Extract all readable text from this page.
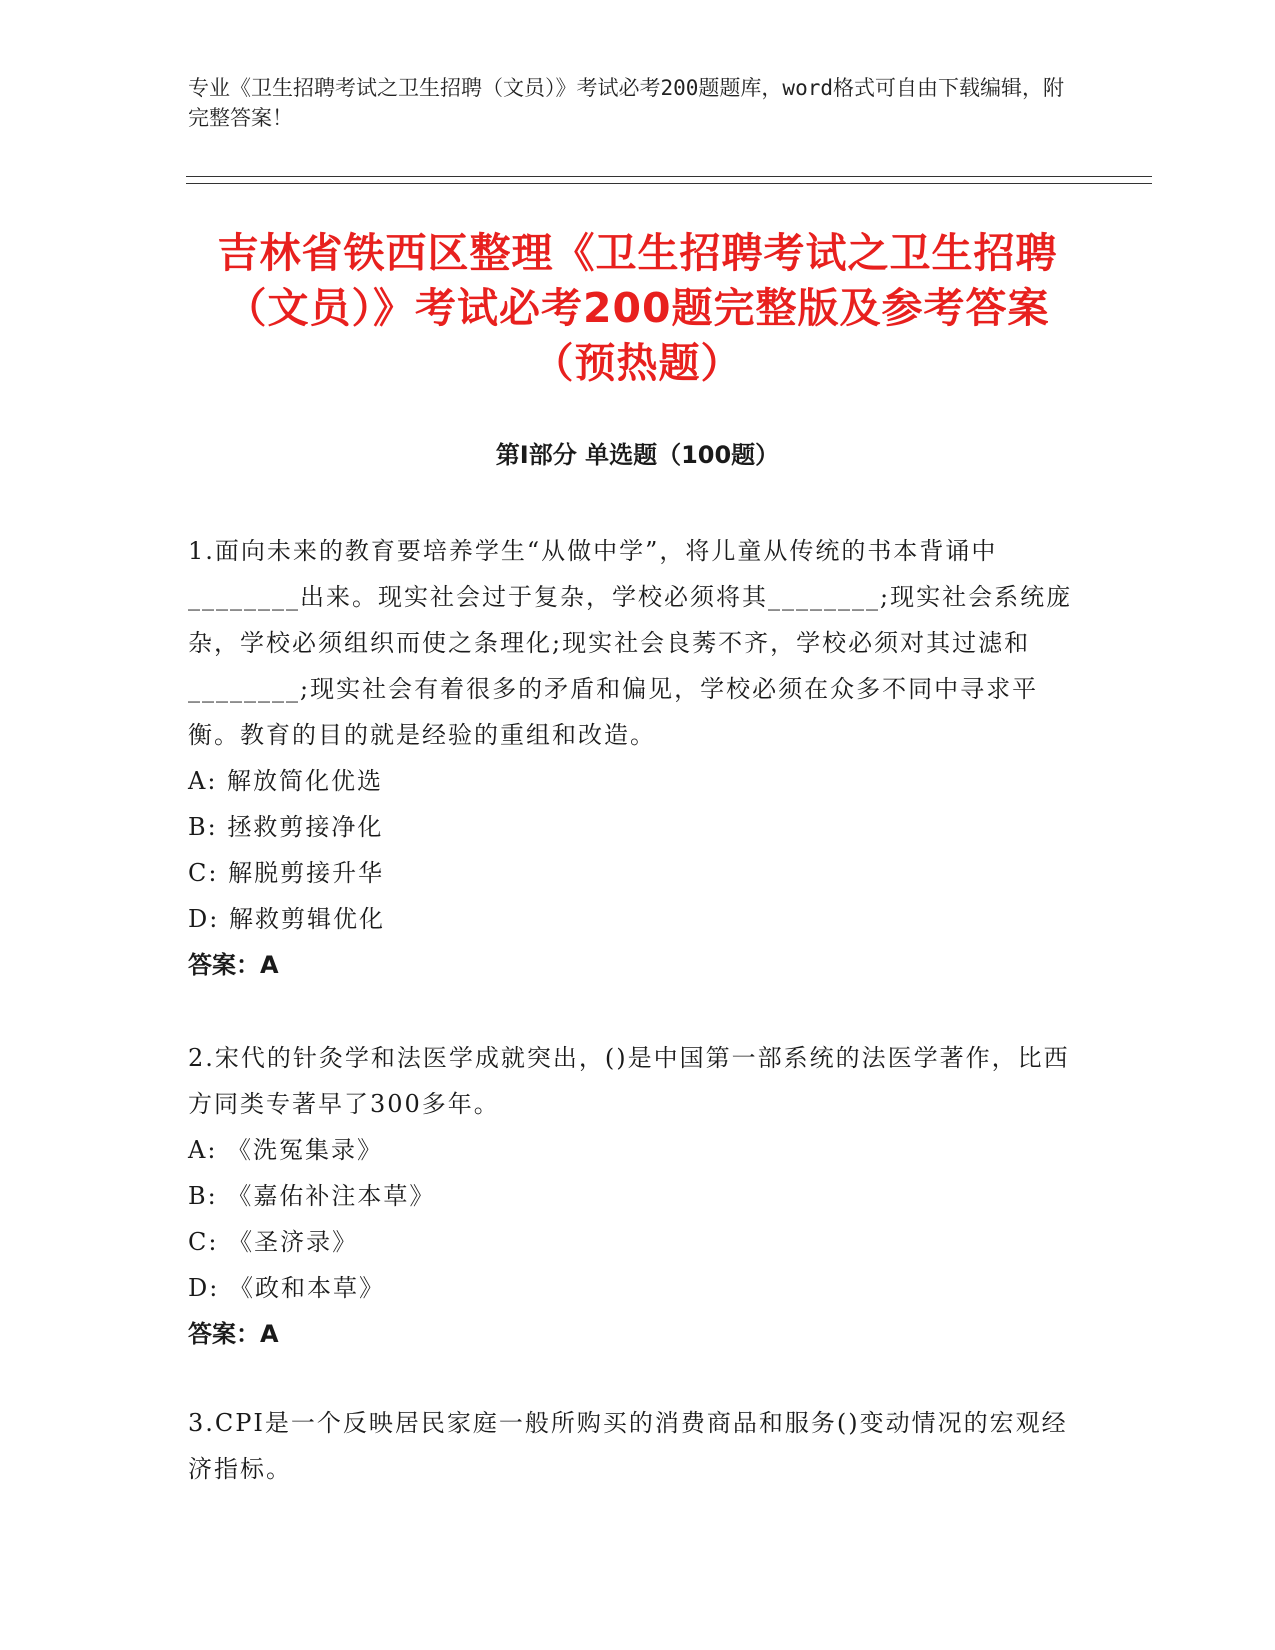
专业《卫生招聘考试之卫生招聘（文员）》考试必考200题题库，word格式可自由下载编辑，附完整答案！
吉林省铁西区整理《卫生招聘考试之卫生招聘（文员）》考试必考200题完整版及参考答案（预热题）
第Ⅰ部分 单选题（100题）
1.面向未来的教育要培养学生“从做中学”，将儿童从传统的书本背诵中________出来。现实社会过于复杂，学校必须将其________;现实社会系统庞杂，学校必须组织而使之条理化;现实社会良莠不齐，学校必须对其过滤和________;现实社会有着很多的矛盾和偏见，学校必须在众多不同中寻求平衡。教育的目的就是经验的重组和改造。
A: 解放简化优选
B: 拯救剪接净化
C: 解脱剪接升华
D: 解救剪辑优化
答案：A
2.宋代的针灸学和法医学成就突出，()是中国第一部系统的法医学著作，比西方同类专著早了300多年。
A: 《洗冤集录》
B: 《嘉佑补注本草》
C: 《圣济录》
D: 《政和本草》
答案：A
3.CPI是一个反映居民家庭一般所购买的消费商品和服务()变动情况的宏观经济指标。
